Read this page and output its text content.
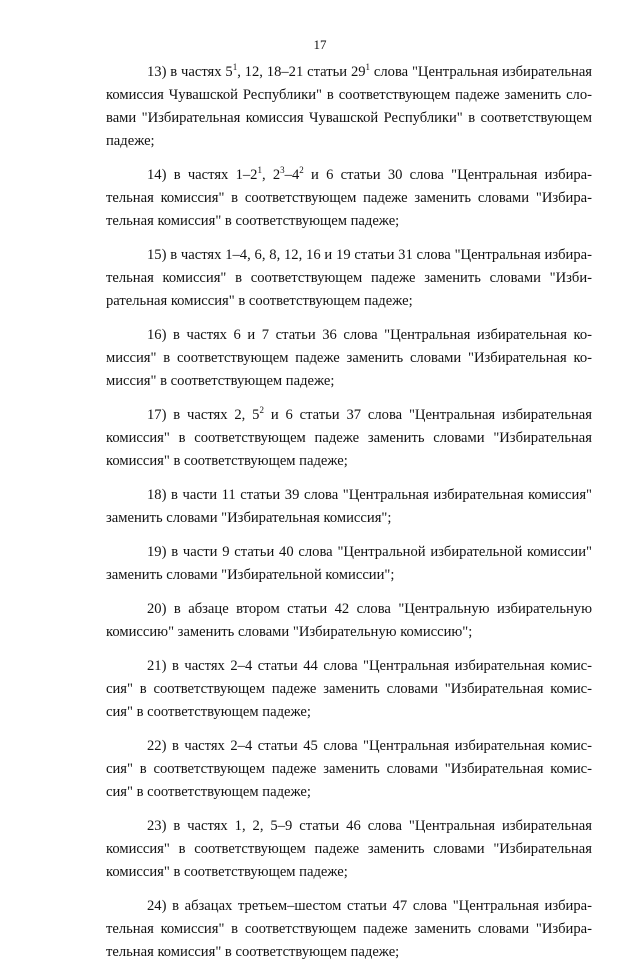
17
13) в частях $5^1$, 12, 18–21 статьи $29^1$ слова "Центральная избирательная
комиссия Чувашской Республики" в соответствующем падеже заменить сло-
вами "Избирательная комиссия Чувашской Республики" в соответствующем
падеже;
14) в частях $1-2^1$, $2^3-4^2$ и 6 статьи 30 слова "Центральная избира-
тельная комиссия" в соответствующем падеже заменить словами "Избира-
тельная комиссия" в соответствующем падеже;
15) в частях 1–4, 6, 8, 12, 16 и 19 статьи 31 слова "Центральная избира-
тельная комиссия" в соответствующем падеже заменить словами "Изби-
рательная комиссия" в соответствующем падеже;
16) в частях 6 и 7 статьи 36 слова "Центральная избирательная ко-
миссия" в соответствующем падеже заменить словами "Избирательная ко-
миссия" в соответствующем падеже;
17) в частях 2, $5^2$ и 6 статьи 37 слова "Центральная избирательная
комиссия" в соответствующем падеже заменить словами "Избирательная
комиссия" в соответствующем падеже;
18) в части 11 статьи 39 слова "Центральная избирательная комиссия"
заменить словами "Избирательная комиссия";
19) в части 9 статьи 40 слова "Центральной избирательной комиссии"
заменить словами "Избирательной комиссии";
20) в абзаце втором статьи 42 слова "Центральную избирательную
комиссию" заменить словами "Избирательную комиссию";
21) в частях 2–4 статьи 44 слова "Центральная избирательная комис-
сия" в соответствующем падеже заменить словами "Избирательная комис-
сия" в соответствующем падеже;
22) в частях 2–4 статьи 45 слова "Центральная избирательная комис-
сия" в соответствующем падеже заменить словами "Избирательная комис-
сия" в соответствующем падеже;
23) в частях 1, 2, 5–9 статьи 46 слова "Центральная избирательная
комиссия" в соответствующем падеже заменить словами "Избирательная
комиссия" в соответствующем падеже;
24) в абзацах третьем–шестом статьи 47 слова "Центральная избира-
тельная комиссия" в соответствующем падеже заменить словами "Избира-
тельная комиссия" в соответствующем падеже;
